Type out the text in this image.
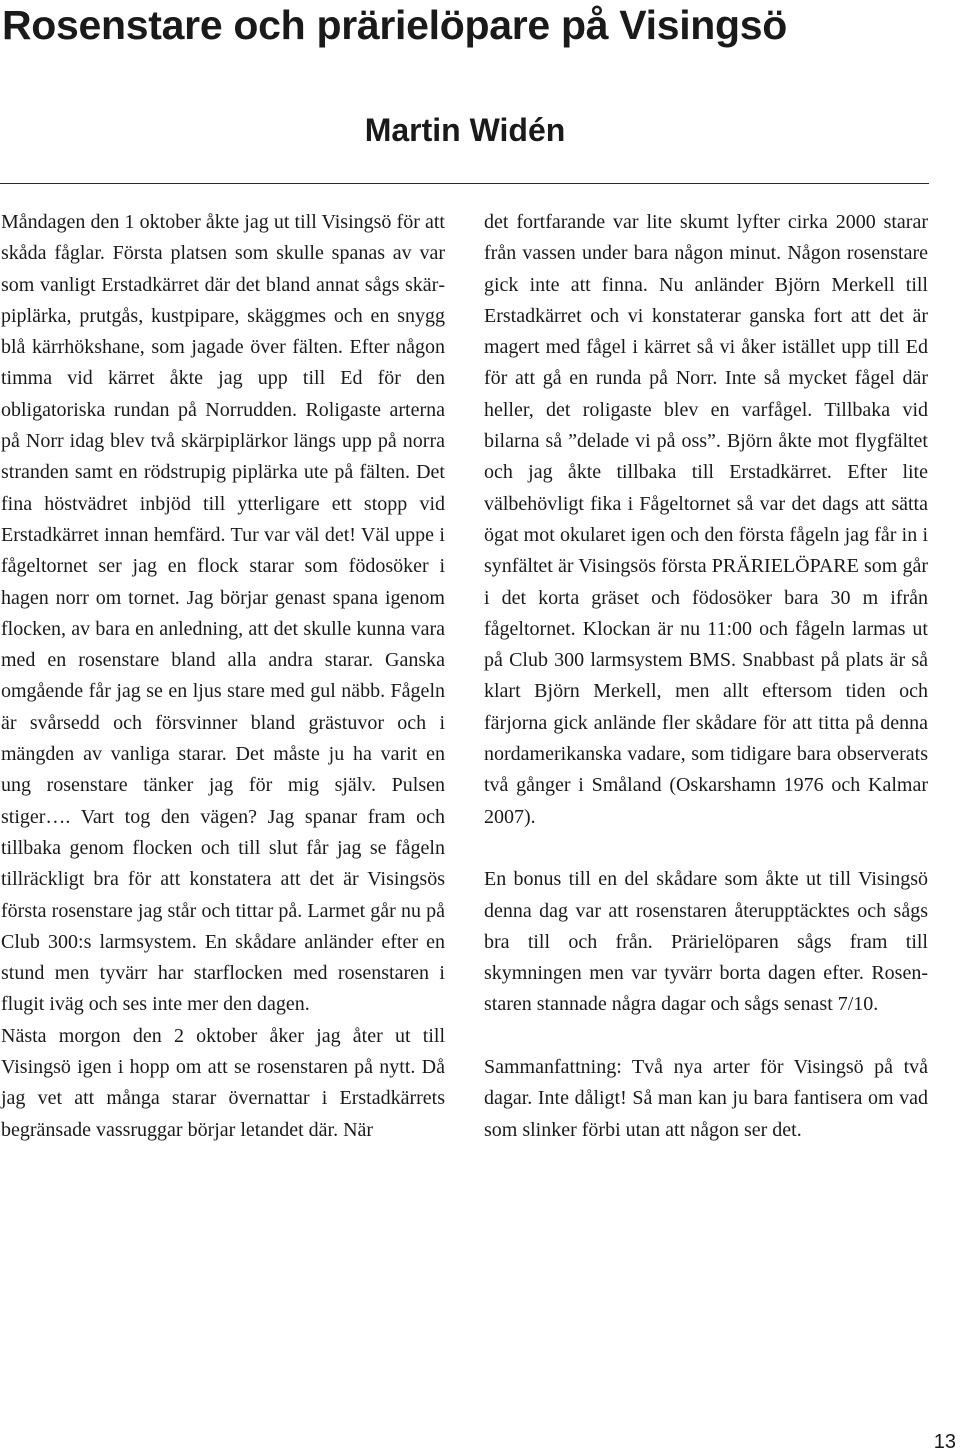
Rosenstare och prärielöpare på Visingsö
Martin Widén

Måndagen den 1 oktober åkte jag ut till Visingsö för att skåda fåglar. Första platsen som skulle spanas av var som vanligt Erstadkärret där det bland annat sågs skärpiplärka, prutgås, kustpipare, skäggmes och en snygg blå kärrhökshane, som jagade över fälten. Efter någon timma vid kärret åkte jag upp till Ed för den obligatoriska rundan på Norrudden. Roligaste arterna på Norr idag blev två skärpiplärkor längs upp på norra stranden samt en rödstrupig piplärka ute på fälten. Det fina höstvädret inbjöd till ytterligare ett stopp vid Erstadkärret innan hemfärd. Tur var väl det! Väl uppe i fågeltornet ser jag en flock starar som födosöker i hagen norr om tornet. Jag börjar genast spana igenom flocken, av bara en anledning, att det skulle kunna vara med en rosenstare bland alla andra starar. Ganska omgående får jag se en ljus stare med gul näbb. Fågeln är svårsedd och försvinner bland grästuvor och i mängden av vanliga starar. Det måste ju ha varit en ung rosenstare tänker jag för mig själv. Pulsen stiger…. Vart tog den vägen? Jag spanar fram och tillbaka genom flocken och till slut får jag se fågeln tillräckligt bra för att konstatera att det är Visingsös första rosenstare jag står och tittar på. Larmet går nu på Club 300:s larmsystem. En skådare anländer efter en stund men tyvärr har starflocken med rosenstaren i flugit iväg och ses inte mer den dagen.

Nästa morgon den 2 oktober åker jag åter ut till Visingsö igen i hopp om att se rosenstaren på nytt. Då jag vet att många starar övernattar i Erstadkärrets begränsade vassruggar börjar letandet där. När

det fortfarande var lite skumt lyfter cirka 2000 starar från vassen under bara någon minut. Någon rosenstare gick inte att finna. Nu anländer Björn Merkell till Erstadkärret och vi konstaterar ganska fort att det är magert med fågel i kärret så vi åker istället upp till Ed för att gå en runda på Norr. Inte så mycket fågel där heller, det roligaste blev en varfågel. Tillbaka vid bilarna så ”delade vi på oss”. Björn åkte mot flygfältet och jag åkte tillbaka till Erstadkärret. Efter lite välbehövligt fika i Fågeltornet så var det dags att sätta ögat mot okularet igen och den första fågeln jag får in i synfältet är Visingsös första PRÄRIELÖPARE som går i det korta gräset och födosöker bara 30 m ifrån fågeltornet. Klockan är nu 11:00 och fågeln larmas ut på Club 300 larmsystem BMS. Snabbast på plats är så klart Björn Merkell, men allt eftersom tiden och färjorna gick anlände fler skådare för att titta på denna nordamerikanska vadare, som tidigare bara observerats två gånger i Småland (Oskarshamn 1976 och Kalmar 2007).

En bonus till en del skådare som åkte ut till Visingsö denna dag var att rosenstaren återupptäcktes och sågs bra till och från. Prärielöparen sågs fram till skymningen men var tyvärr borta dagen efter. Rosenstaren stannade några dagar och sågs senast 7/10.

Sammanfattning: Två nya arter för Visingsö på två dagar. Inte dåligt! Så man kan ju bara fantisera om vad som slinker förbi utan att någon ser det.

13
